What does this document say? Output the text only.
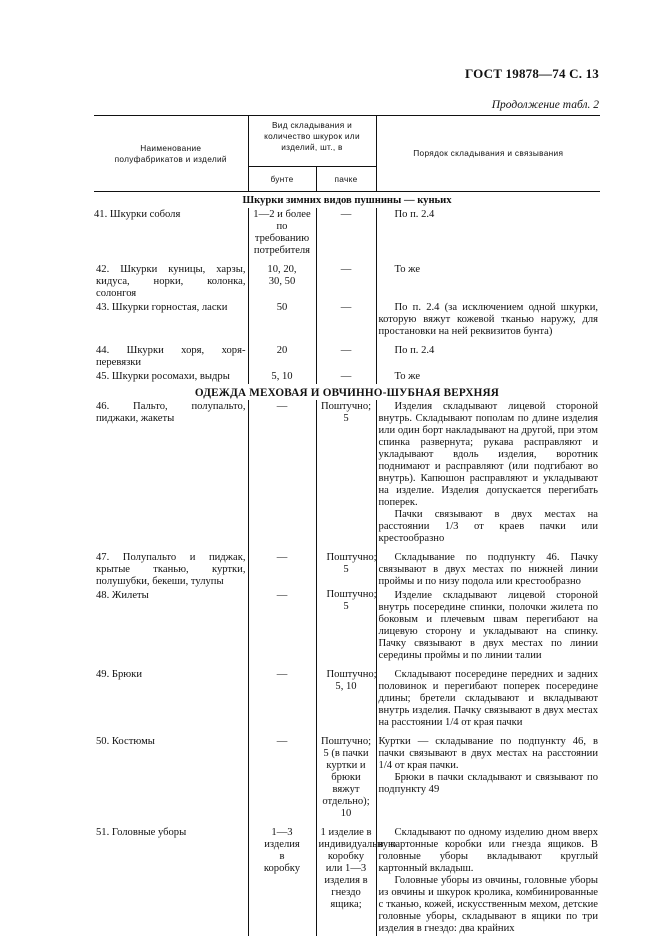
ГОСТ 19878—74 С. 13
Продолжение табл. 2
Наименование полуфабрикатов и изделий	Вид складывания и количество шкурок или изделий, шт., в		Порядок складывания и связывания
	бунте	пачке	
Шкурки зимних видов пушнины — куньих			
41. Шкурки соболя	1—2 и более по требованию потребителя	—	По п. 2.4

42. Шкурки куницы, харзы, кидуса, норки, колонка, солонгоя	10, 20, 30, 50	—	То же

43. Шкурки горностая, ласки	50	—	По п. 2.4 (за исключением одной шкурки, которую вяжут кожевой тканью наружу, для простановки на ней реквизитов бунта)

44. Шкурки хоря, хоря-перевязки	20	—	По п. 2.4

45. Шкурки росомахи, выдры	5, 10	—	То же

ОДЕЖДА МЕХОВАЯ И ОВЧИННО-ШУБНАЯ ВЕРХНЯЯ			
46. Пальто, полупальто, пиджаки, жакеты	—	Поштучно; 5	Изделия складывают лицевой стороной внутрь. Складывают пополам по длине изделия или один борт накладывают на другой, при этом спинка развернута; рукава расправляют и укладывают вдоль изделия, воротник поднимают и расправляют (или подгибают во внутрь). Капюшон расправляют и укладывают на изделие. Изделия допускается перегибать поперек.

Пачки связывают в двух местах на расстоянии 1/3 от краев пачки или крестообразно

47. Полупальто и пиджак, крытые тканью, куртки, полушубки, бекеши, тулупы	—	Поштучно; 5	Складывание по подпункту 46. Пачку связывают в двух местах по нижней линии проймы и по низу подола или крестообразно

48. Жилеты	—	Поштучно; 5	Изделие складывают лицевой стороной внутрь посередине спинки, полочки жилета по боковым и плечевым швам перегибают на лицевую сторону и укладывают на спинку. Пачку связывают в двух местах по линии середины проймы и по линии талии

49. Брюки	—	Поштучно; 5, 10	Складывают посередине передних и задних половинок и перегибают поперек посередине длины; бретели складывают и вкладывают внутрь изделия. Пачку связывают в двух местах на расстоянии 1/4 от края пачки

50. Костюмы	—	Поштучно; 5 (в пачки куртки и брюки вяжут отдельно); 10	Куртки — складывание по подпункту 46, в пачки связывают в двух местах на расстоянии 1/4 от края пачки.

Брюки в пачки складывают и связывают по подпункту 49

51. Головные уборы	1—3 изделия в коробку	1 изделие в индивидуальную коробку или 1—3 изделия в гнездо ящика;	Складывают по одному изделию дном вверх в картонные коробки или гнезда ящиков. В головные уборы вкладывают круглый картонный вкладыш.

Головные уборы из овчины, головные уборы из овчины и шкурок кролика, комбинированные с тканью, кожей, искусственным мехом, детские головные уборы, складывают в ящики по три изделия в гнездо: два крайних
